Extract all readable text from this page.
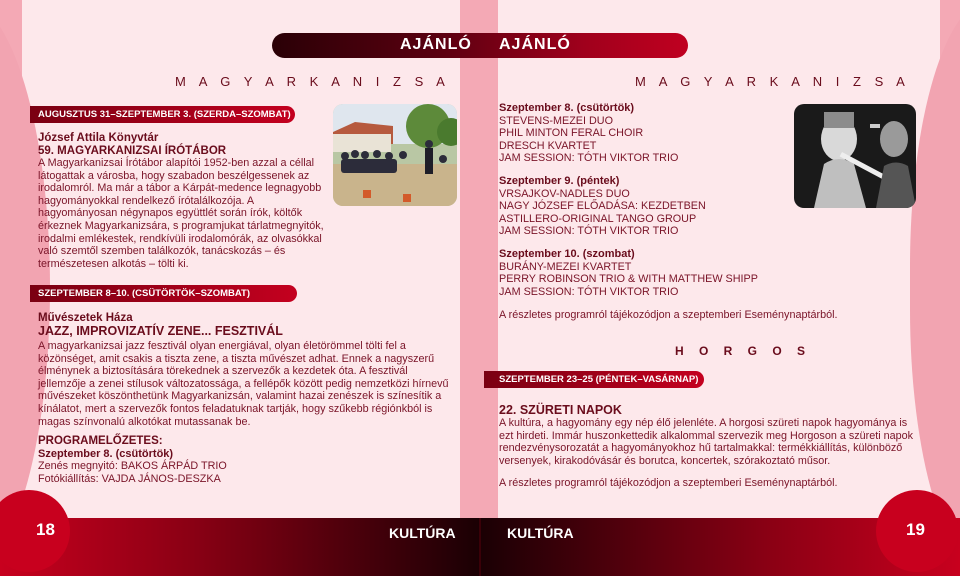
AJÁNLÓ AJÁNLÓ
M A G Y A R K A N I Z S A
AUGUSZTUS 31–SZEPTEMBER 3. (SZERDA–SZOMBAT)
József Attila Könyvtár
59. MAGYARKANIZSAI ÍRÓTÁBOR
A Magyarkanizsai Írótábor alapítói 1952-ben azzal a céllal látogattak a városba, hogy szabadon beszélgessenek az irodalomról. Ma már a tábor a Kárpát-medence legnagyobb hagyományokkal rendelkező írótalálkozója. A hagyományosan négynapos együttlét során írók, költők érkeznek Magyarkanizsára, s programjukat tárlatmegnyitók, irodalmi emlékestek, rendkívüli irodalomórák, az olvasókkal való szemtől szemben találkozók, tanácskozás – és természetesen alkotás – tölti ki.
SZEPTEMBER 8–10. (CSÜTÖRTÖK–SZOMBAT)
Művészetek Háza
JAZZ, IMPROVIZATÍV ZENE... FESZTIVÁL
A magyarkanizsai jazz fesztivál olyan energiával, olyan életörömmel tölti fel a közönséget, amit csakis a tiszta zene, a tiszta művészet adhat. Ennek a nagyszerű élménynek a biztosítására törekednek a szervezők a kezdetek óta. A fesztivál jellemzője a zenei stílusok változatossága, a fellépők között pedig nemzetközi hírnevű művészeket köszönthetünk Magyarkanizsán, valamint hazai zenészek is színesítik a kínálatot, mert a szervezők fontos feladatuknak tartják, hogy szűkebb régiónkból is magas színvonalú alkotókat mutassanak be.
PROGRAMELŐZETES:
Szeptember 8. (csütörtök)
Zenés megnyitó: BAKOS ÁRPÁD TRIO
Fotókiállítás: VAJDA JÁNOS-DESZKA
M A G Y A R K A N I Z S A
Szeptember 8. (csütörtök)
STEVENS-MEZEI DUO
PHIL MINTON FERAL CHOIR
DRESCH KVARTET
JAM SESSION: TÓTH VIKTOR TRIO
Szeptember 9. (péntek)
VRSAJKOV-NADLES DUO
NAGY JÓZSEF ELŐADÁSA: KEZDETBEN
ASTILLERO-ORIGINAL TANGO GROUP
JAM SESSION: TÓTH VIKTOR TRIO
Szeptember 10. (szombat)
BURÁNY-MEZEI KVARTET
PERRY ROBINSON TRIO & WITH MATTHEW SHIPP
JAM SESSION: TÓTH VIKTOR TRIO
A részletes programról tájékozódjon a szeptemberi Eseménynaptárból.
H O R G O S
SZEPTEMBER 23–25 (PÉNTEK–VASÁRNAP)
22. SZÜRETI NAPOK
A kultúra, a hagyomány egy nép élő jelenléte. A horgosi szüreti napok hagyománya is ezt hirdeti. Immár huszonkettedik alkalommal szervezik meg Horgoson a szüreti napok rendezvénysorozatát a hagyományokhoz hű tartalmakkal: termékkiállítás, különböző versenyek, kirakodóvásár és borutca, koncertek, szórakoztató műsor.
A részletes programról tájékozódjon a szeptemberi Eseménynaptárból.
18	19
KULTÚRA	KULTÚRA
